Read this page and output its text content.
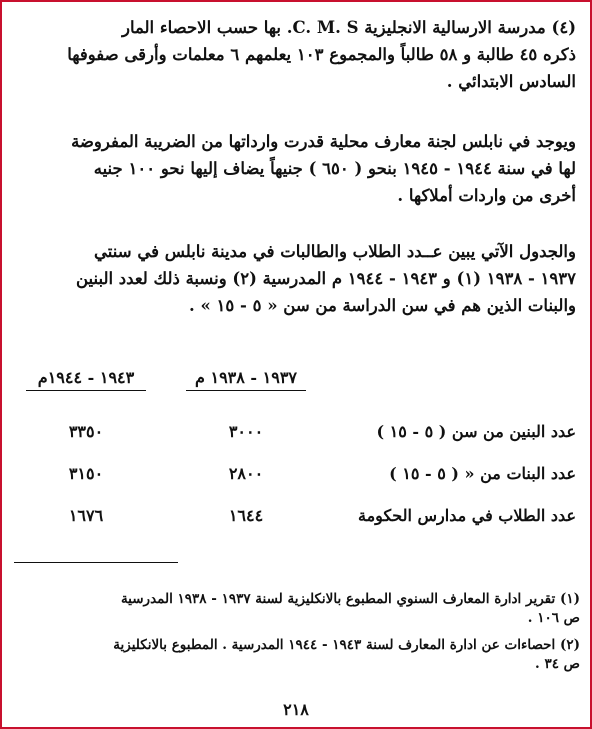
(٤) مدرسة الارسالية الانجليزية C. M. S. بها حسب الاحصاء المار

ذكره ٤٥ طالبة و ٥٨ طالباً والمجموع ١٠٣ يعلمهم ٦ معلمات وأرقى صفوفها

السادس الابتدائي .

ويوجد في نابلس لجنة معارف محلية قدرت وارداتها من الضريبة المفروضة

لها في سنة ١٩٤٤ - ١٩٤٥ بنحو ( ٦٥٠ ) جنيهاً يضاف إليها نحو ١٠٠ جنيه

أخرى من واردات أملاكها .

والجدول الآتي يبين عــدد الطلاب والطالبات في مدينة نابلس في سنتي

١٩٣٧ - ١٩٣٨ (١) و ١٩٤٣ - ١٩٤٤ م المدرسية (٢) ونسبة ذلك لعدد البنين

والبنات الذين هم في سن الدراسة من سن « ٥ - ١٥ » .

١٩٣٧ - ١٩٣٨ م
١٩٤٣ - ١٩٤٤م
عدد البنين من سن ( ٥ - ١٥ )
٣٠٠٠
٣٣٥٠
عدد البنات من « ( ٥ - ١٥ )
٢٨٠٠
٣١٥٠
عدد الطلاب في مدارس الحكومة
١٦٤٤
١٦٧٦

(١) تقرير ادارة المعارف السنوي المطبوع بالانكليزية لسنة ١٩٣٧ - ١٩٣٨ المدرسية
ص ١٠٦ .

(٢) احصاءات عن ادارة المعارف لسنة ١٩٤٣ - ١٩٤٤ المدرسية . المطبوع بالانكليزية
ص ٣٤ .

٢١٨
